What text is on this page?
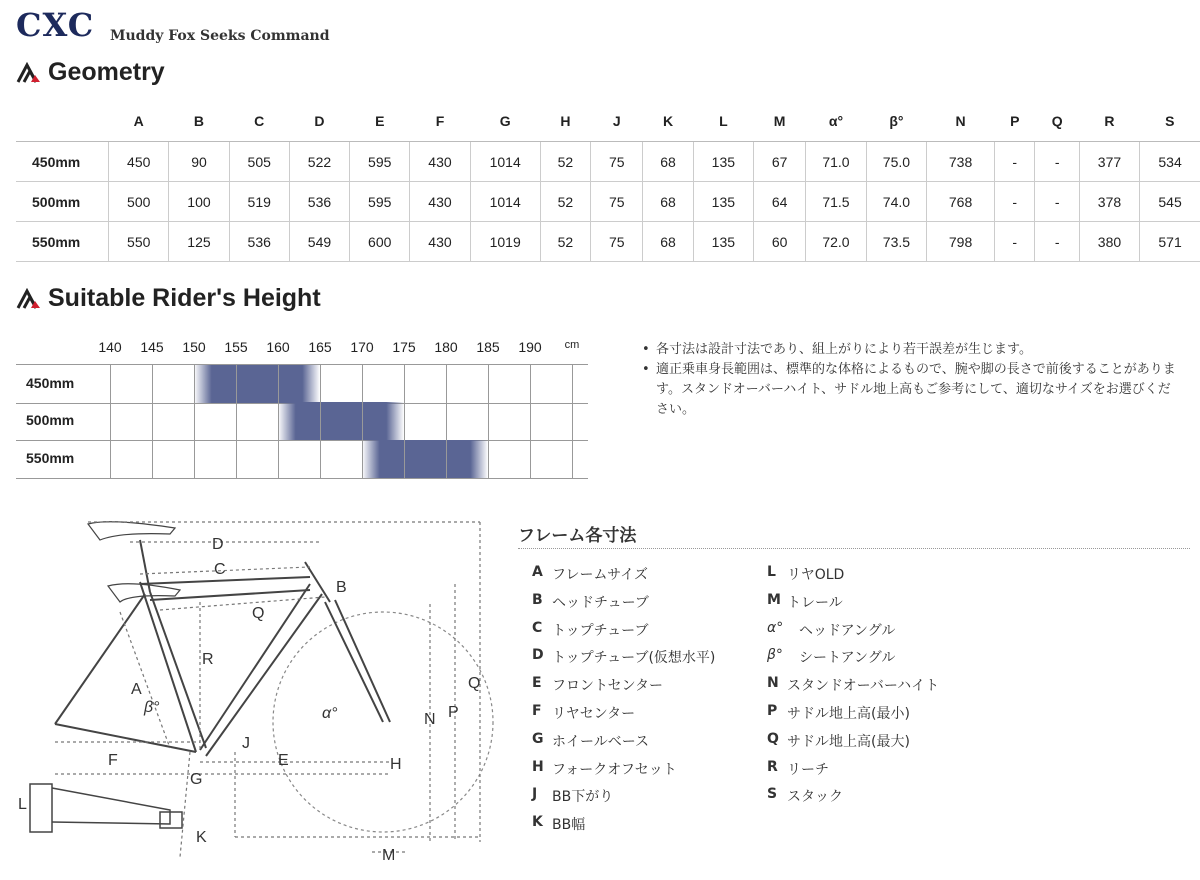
CXC Muddy Fox Seeks Command
Geometry
	A	B	C	D	E	F	G	H	J	K	L	M	α°	β°	N	P	Q	R	S
450mm	450	90	505	522	595	430	1014	52	75	68	135	67	71.0	75.0	738	-	-	377	534
500mm	500	100	519	536	595	430	1014	52	75	68	135	64	71.5	74.0	768	-	-	378	545
550mm	550	125	536	549	600	430	1019	52	75	68	135	60	72.0	73.5	798	-	-	380	571
Suitable Rider's Height
140 145 150 155 160 165 170 175 180 185 190 cm
450mm
500mm
550mm
• 各寸法は設計寸法であり、組上がりにより若干誤差が生じます。
• 適正乗車身長範囲は、標準的な体格によるもので、腕や脚の長さで前後することがあります。スタンドオーバーハイト、サドル地上高もご参考にして、適切なサイズをお選びください。
D
C
B
Q
R
A
β°	α°
J
F	E	H
G
N P
Q
L
K
M
フレーム各寸法
A フレームサイズ
B ヘッドチューブ
C トップチューブ
D トップチューブ(仮想水平)
E フロントセンター
F リヤセンター
G ホイールベース
H フォークオフセット
J	BB下がり
K BB幅
L リヤOLD
M トレール
α°	ヘッドアングル
β°	シートアングル
N スタンドオーバーハイト
P サドル地上高(最小)
Q サドル地上高(最大)
R リーチ
S スタック
